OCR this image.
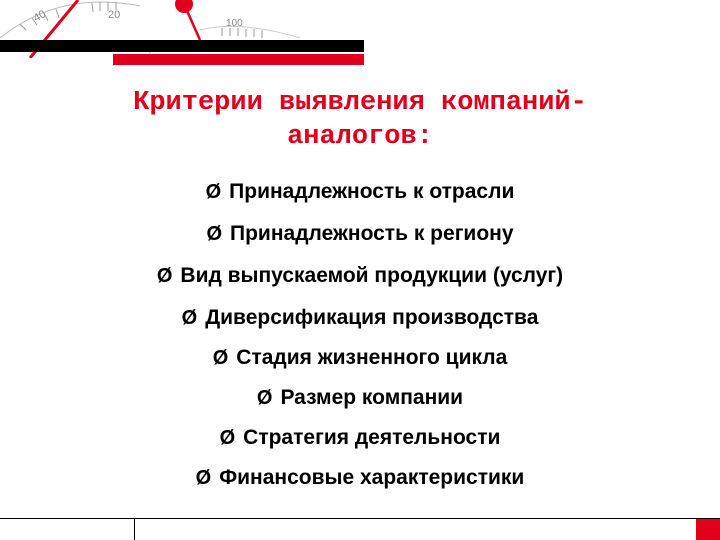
20
100
40
Критерии выявления компаний-
аналогов:
Ø Принадлежность к отрасли
Ø Принадлежность к региону
Ø Вид выпускаемой продукции (услуг)
Ø Диверсификация производства
Ø Стадия жизненного цикла
Ø Размер компании
Ø Стратегия деятельности
Ø Финансовые характеристики
